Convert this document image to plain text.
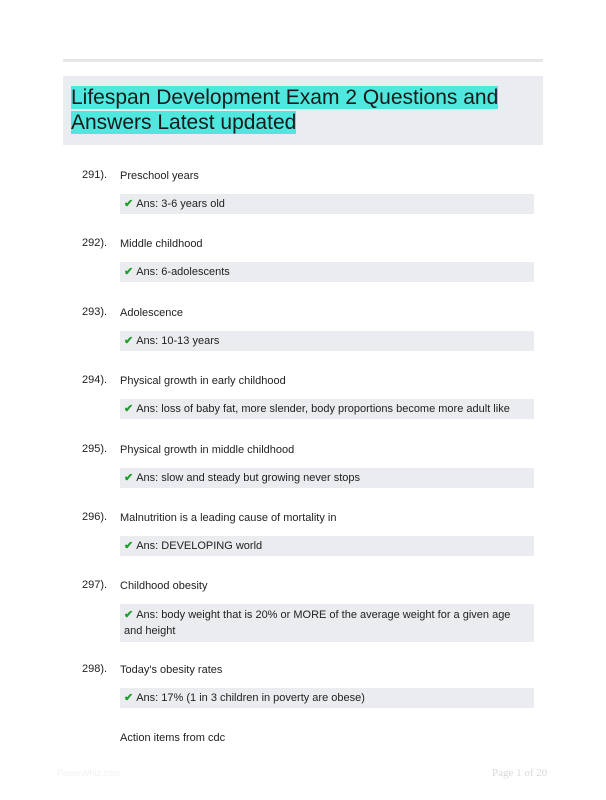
Lifespan Development Exam 2 Questions and Answers Latest updated
291). Preschool years
✔ Ans: 3-6 years old
292). Middle childhood
✔ Ans: 6-adolescents
293). Adolescence
✔ Ans: 10-13 years
294). Physical growth in early childhood
✔ Ans: loss of baby fat, more slender, body proportions become more adult like
295). Physical growth in middle childhood
✔ Ans: slow and steady but growing never stops
296). Malnutrition is a leading cause of mortality in
✔ Ans: DEVELOPING world
297). Childhood obesity
✔ Ans: body weight that is 20% or MORE of the average weight for a given age and height
298). Today's obesity rates
✔ Ans: 17% (1 in 3 children in poverty are obese)
Action items from cdc
PaperWhiz.com	Page 1 of 20
